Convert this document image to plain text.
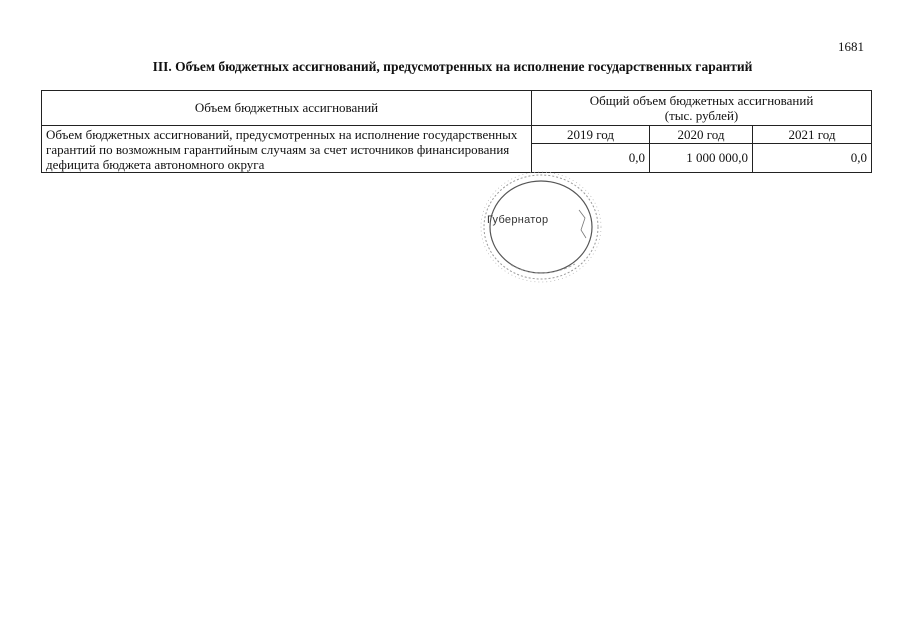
1681
III. Объем бюджетных ассигнований, предусмотренных на исполнение государственных гарантий
Объем бюджетных ассигнований	Общий объем бюджетных ассигнований
(тыс. рублей)		

Объем бюджетных ассигнований, предусмотренных на исполнение государственных гарантий по возможным гарантийным случаям за счет источников финансирования дефицита бюджета автономного округа	2019 год	2020 год	2021 год
	0,0	1 000 000,0	0,0
Губернатор
